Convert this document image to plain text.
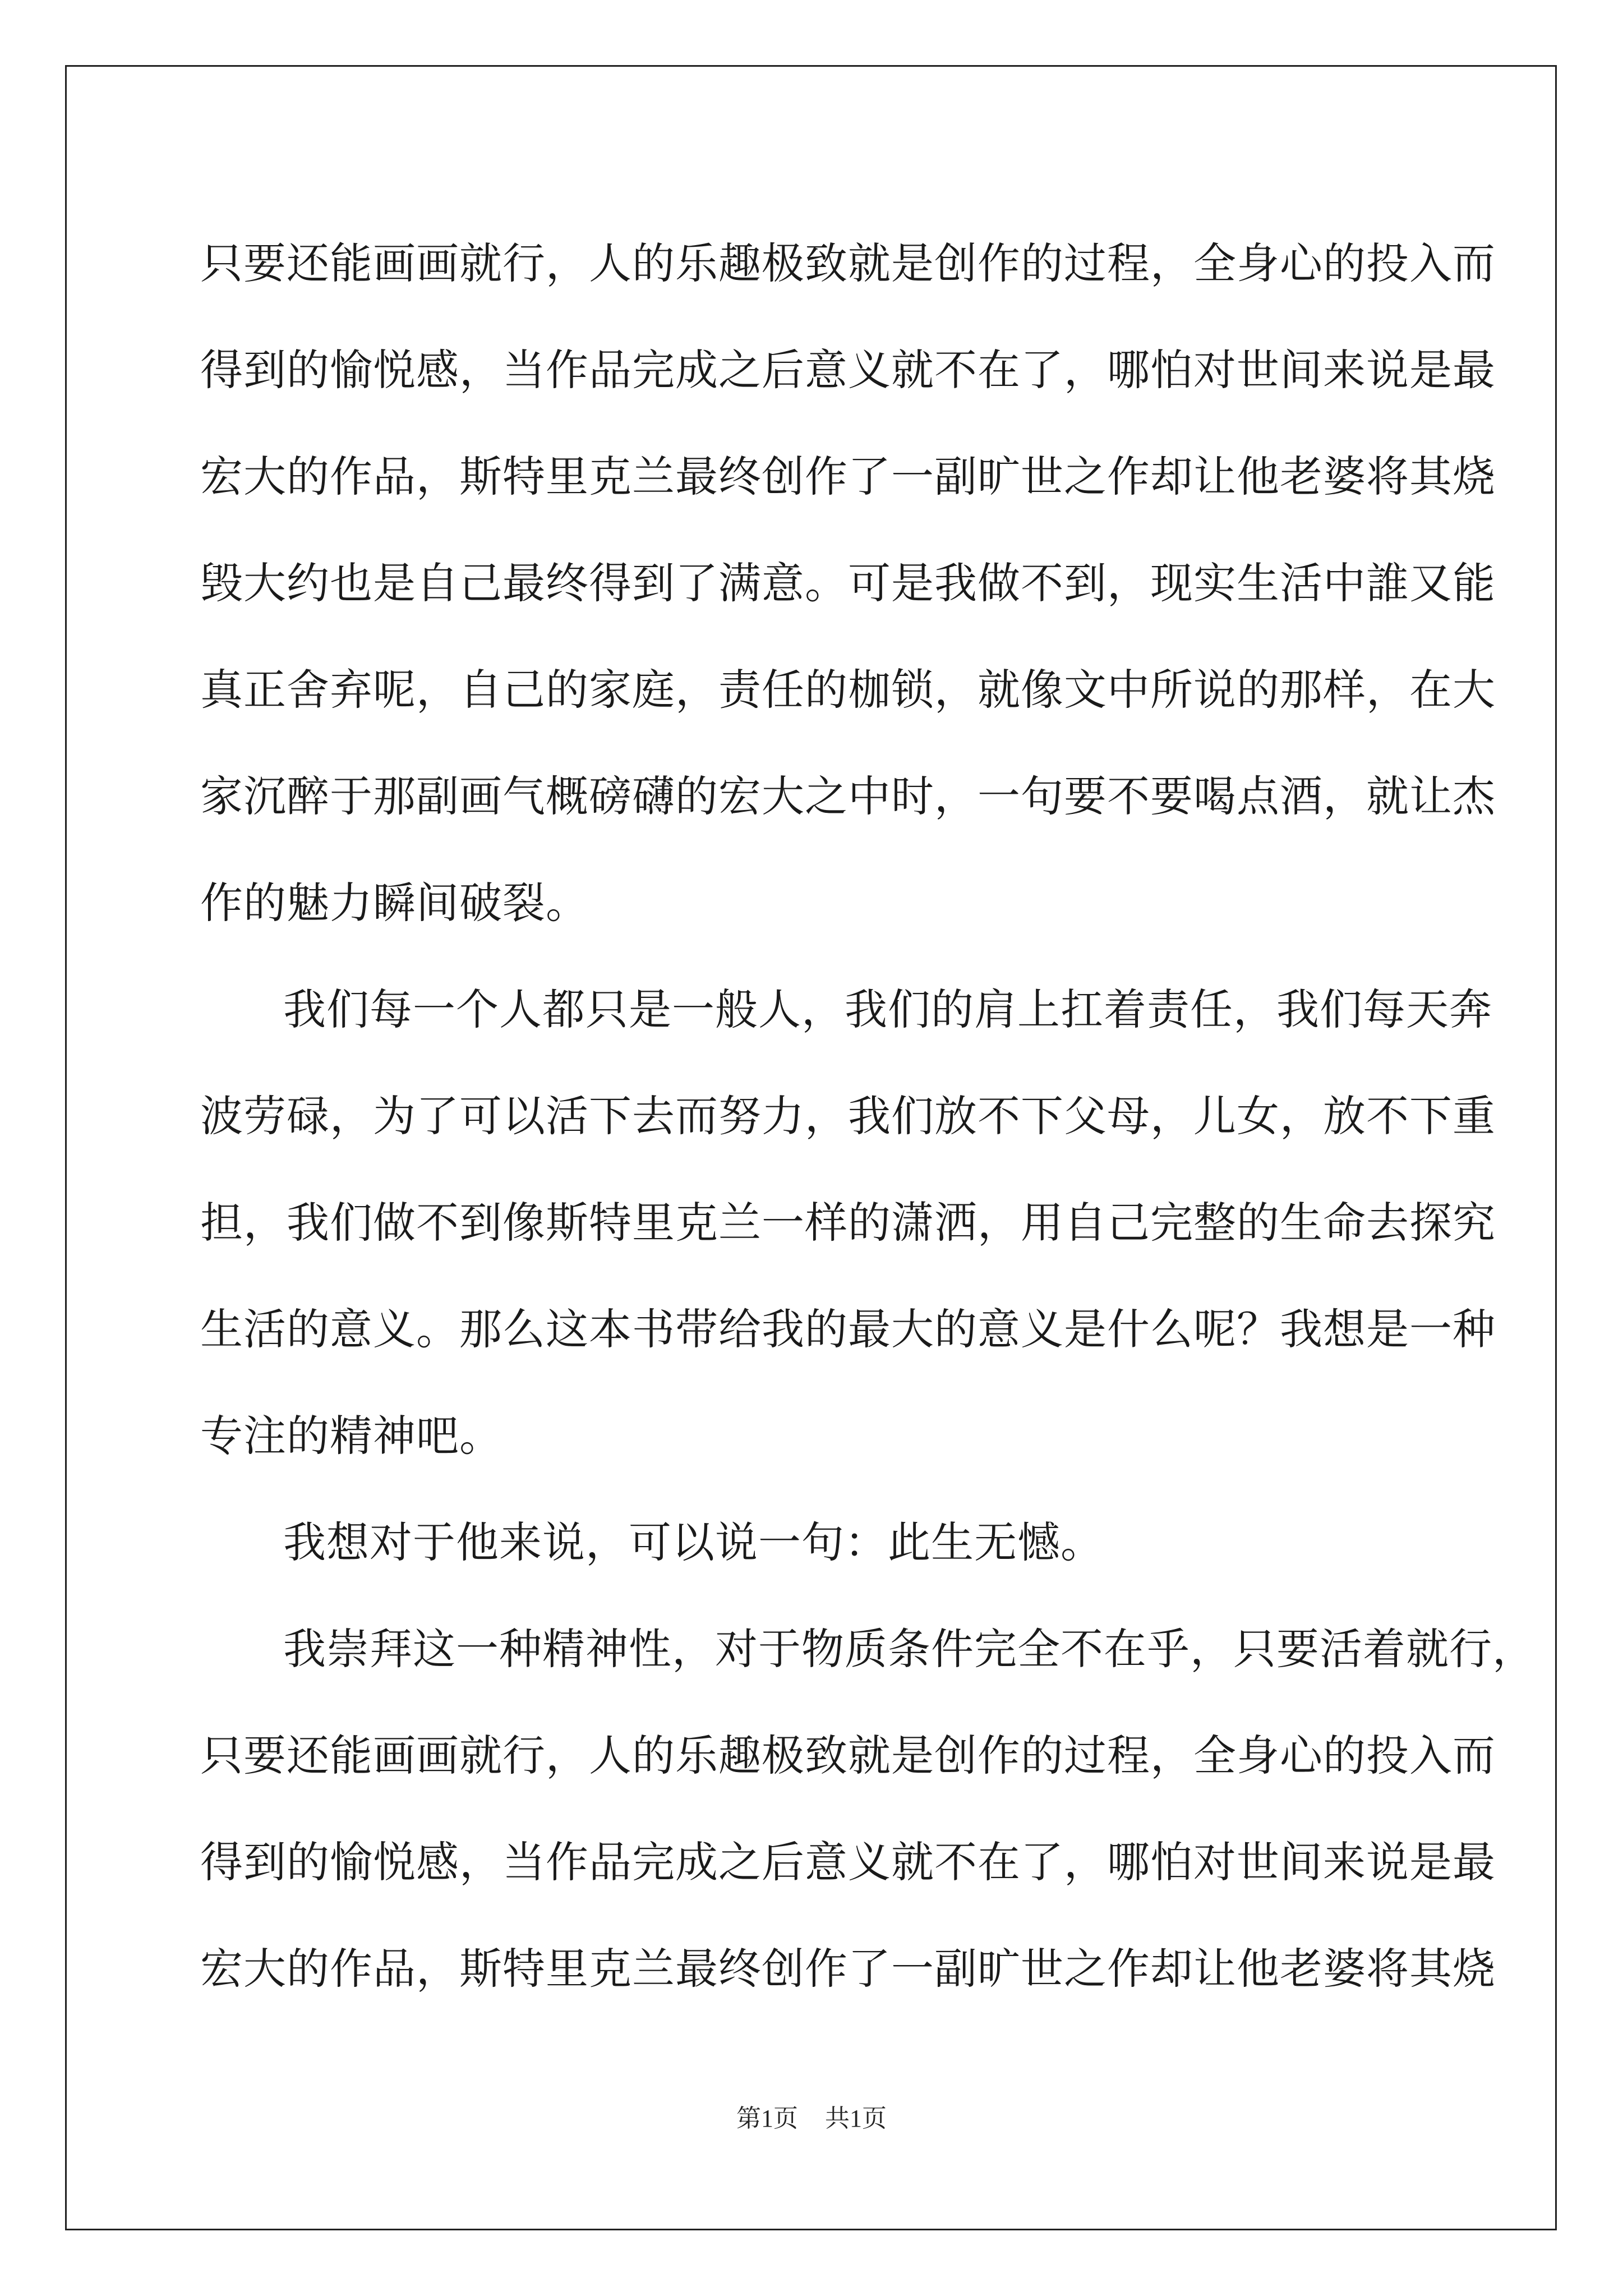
只要还能画画就行，人的乐趣极致就是创作的过程，全身心的投入而
得到的愉悦感，当作品完成之后意义就不在了，哪怕对世间来说是最
宏大的作品，斯特里克兰最终创作了一副旷世之作却让他老婆将其烧
毁大约也是自己最终得到了满意。可是我做不到，现实生活中誰又能
真正舍弃呢，自己的家庭，责任的枷锁，就像文中所说的那样，在大
家沉醉于那副画气概磅礴的宏大之中时，一句要不要喝点酒，就让杰
作的魅力瞬间破裂。
我们每一个人都只是一般人，我们的肩上扛着责任，我们每天奔
波劳碌，为了可以活下去而努力，我们放不下父母，儿女，放不下重
担，我们做不到像斯特里克兰一样的潇洒，用自己完整的生命去探究
生活的意义。那么这本书带给我的最大的意义是什么呢？我想是一种
专注的精神吧。
我想对于他来说，可以说一句：此生无憾。
我崇拜这一种精神性，对于物质条件完全不在乎，只要活着就行，
只要还能画画就行，人的乐趣极致就是创作的过程，全身心的投入而
得到的愉悦感，当作品完成之后意义就不在了，哪怕对世间来说是最
宏大的作品，斯特里克兰最终创作了一副旷世之作却让他老婆将其烧
第1页 共1页
